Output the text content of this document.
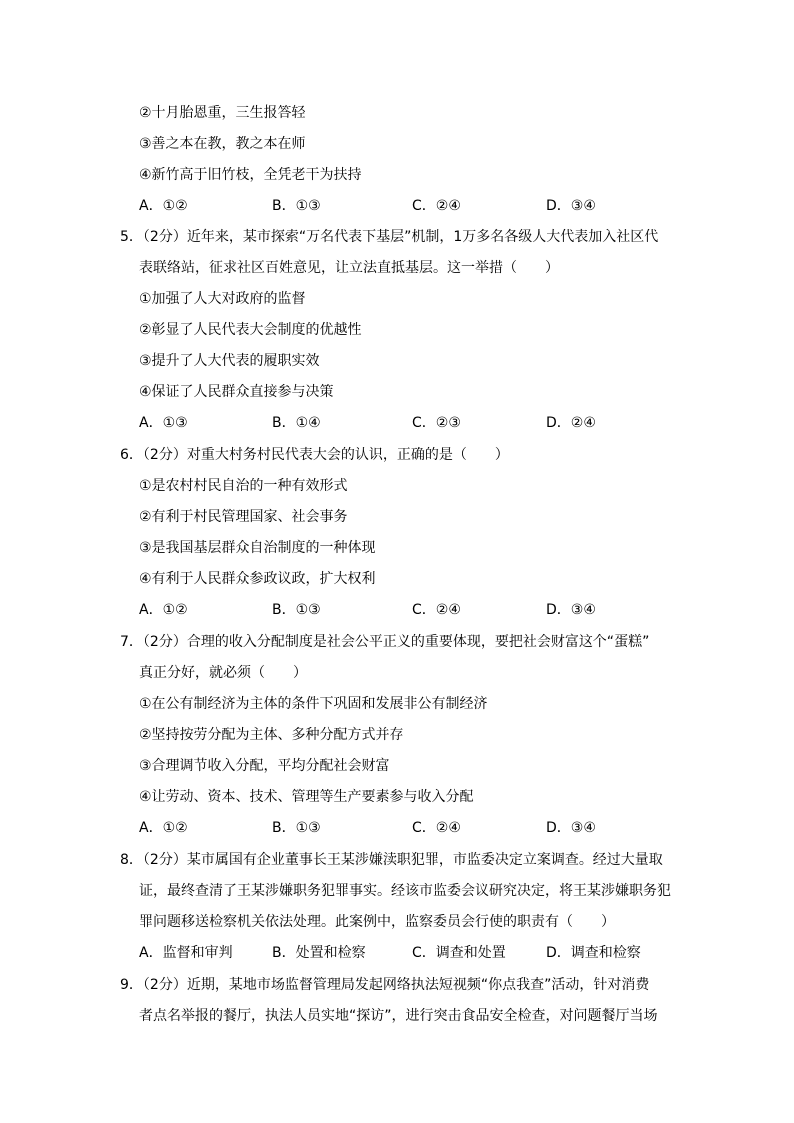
②十月胎恩重，三生报答轻
③善之本在教，教之本在师
④新竹高于旧竹枝，全凭老干为扶持
A．①②	B．①③	C．②④	D．③④
5．（2分）近年来，某市探索“万名代表下基层”机制，1万多名各级人大代表加入社区代
表联络站，征求社区百姓意见，让立法直抵基层。这一举措（　　）
①加强了人大对政府的监督
②彰显了人民代表大会制度的优越性
③提升了人大代表的履职实效
④保证了人民群众直接参与决策
A．①③	B．①④	C．②③	D．②④
6．（2分）对重大村务村民代表大会的认识，正确的是（　　）
①是农村村民自治的一种有效形式
②有利于村民管理国家、社会事务
③是我国基层群众自治制度的一种体现
④有利于人民群众参政议政，扩大权利
A．①②	B．①③	C．②④	D．③④
7．（2分）合理的收入分配制度是社会公平正义的重要体现，要把社会财富这个“蛋糕”
真正分好，就必须（　　）
①在公有制经济为主体的条件下巩固和发展非公有制经济
②坚持按劳分配为主体、多种分配方式并存
③合理调节收入分配，平均分配社会财富
④让劳动、资本、技术、管理等生产要素参与收入分配
A．①②	B．①③	C．②④	D．③④
8．（2分）某市属国有企业董事长王某涉嫌渎职犯罪，市监委决定立案调查。经过大量取
证，最终查清了王某涉嫌职务犯罪事实。经该市监委会议研究决定，将王某涉嫌职务犯
罪问题移送检察机关依法处理。此案例中，监察委员会行使的职责有（　　）
A．监督和审判	B．处置和检察	C．调查和处置	D．调查和检察
9．（2分）近期，某地市场监督管理局发起网络执法短视频“你点我查”活动，针对消费
者点名举报的餐厅，执法人员实地“探访”，进行突击食品安全检查，对问题餐厅当场
